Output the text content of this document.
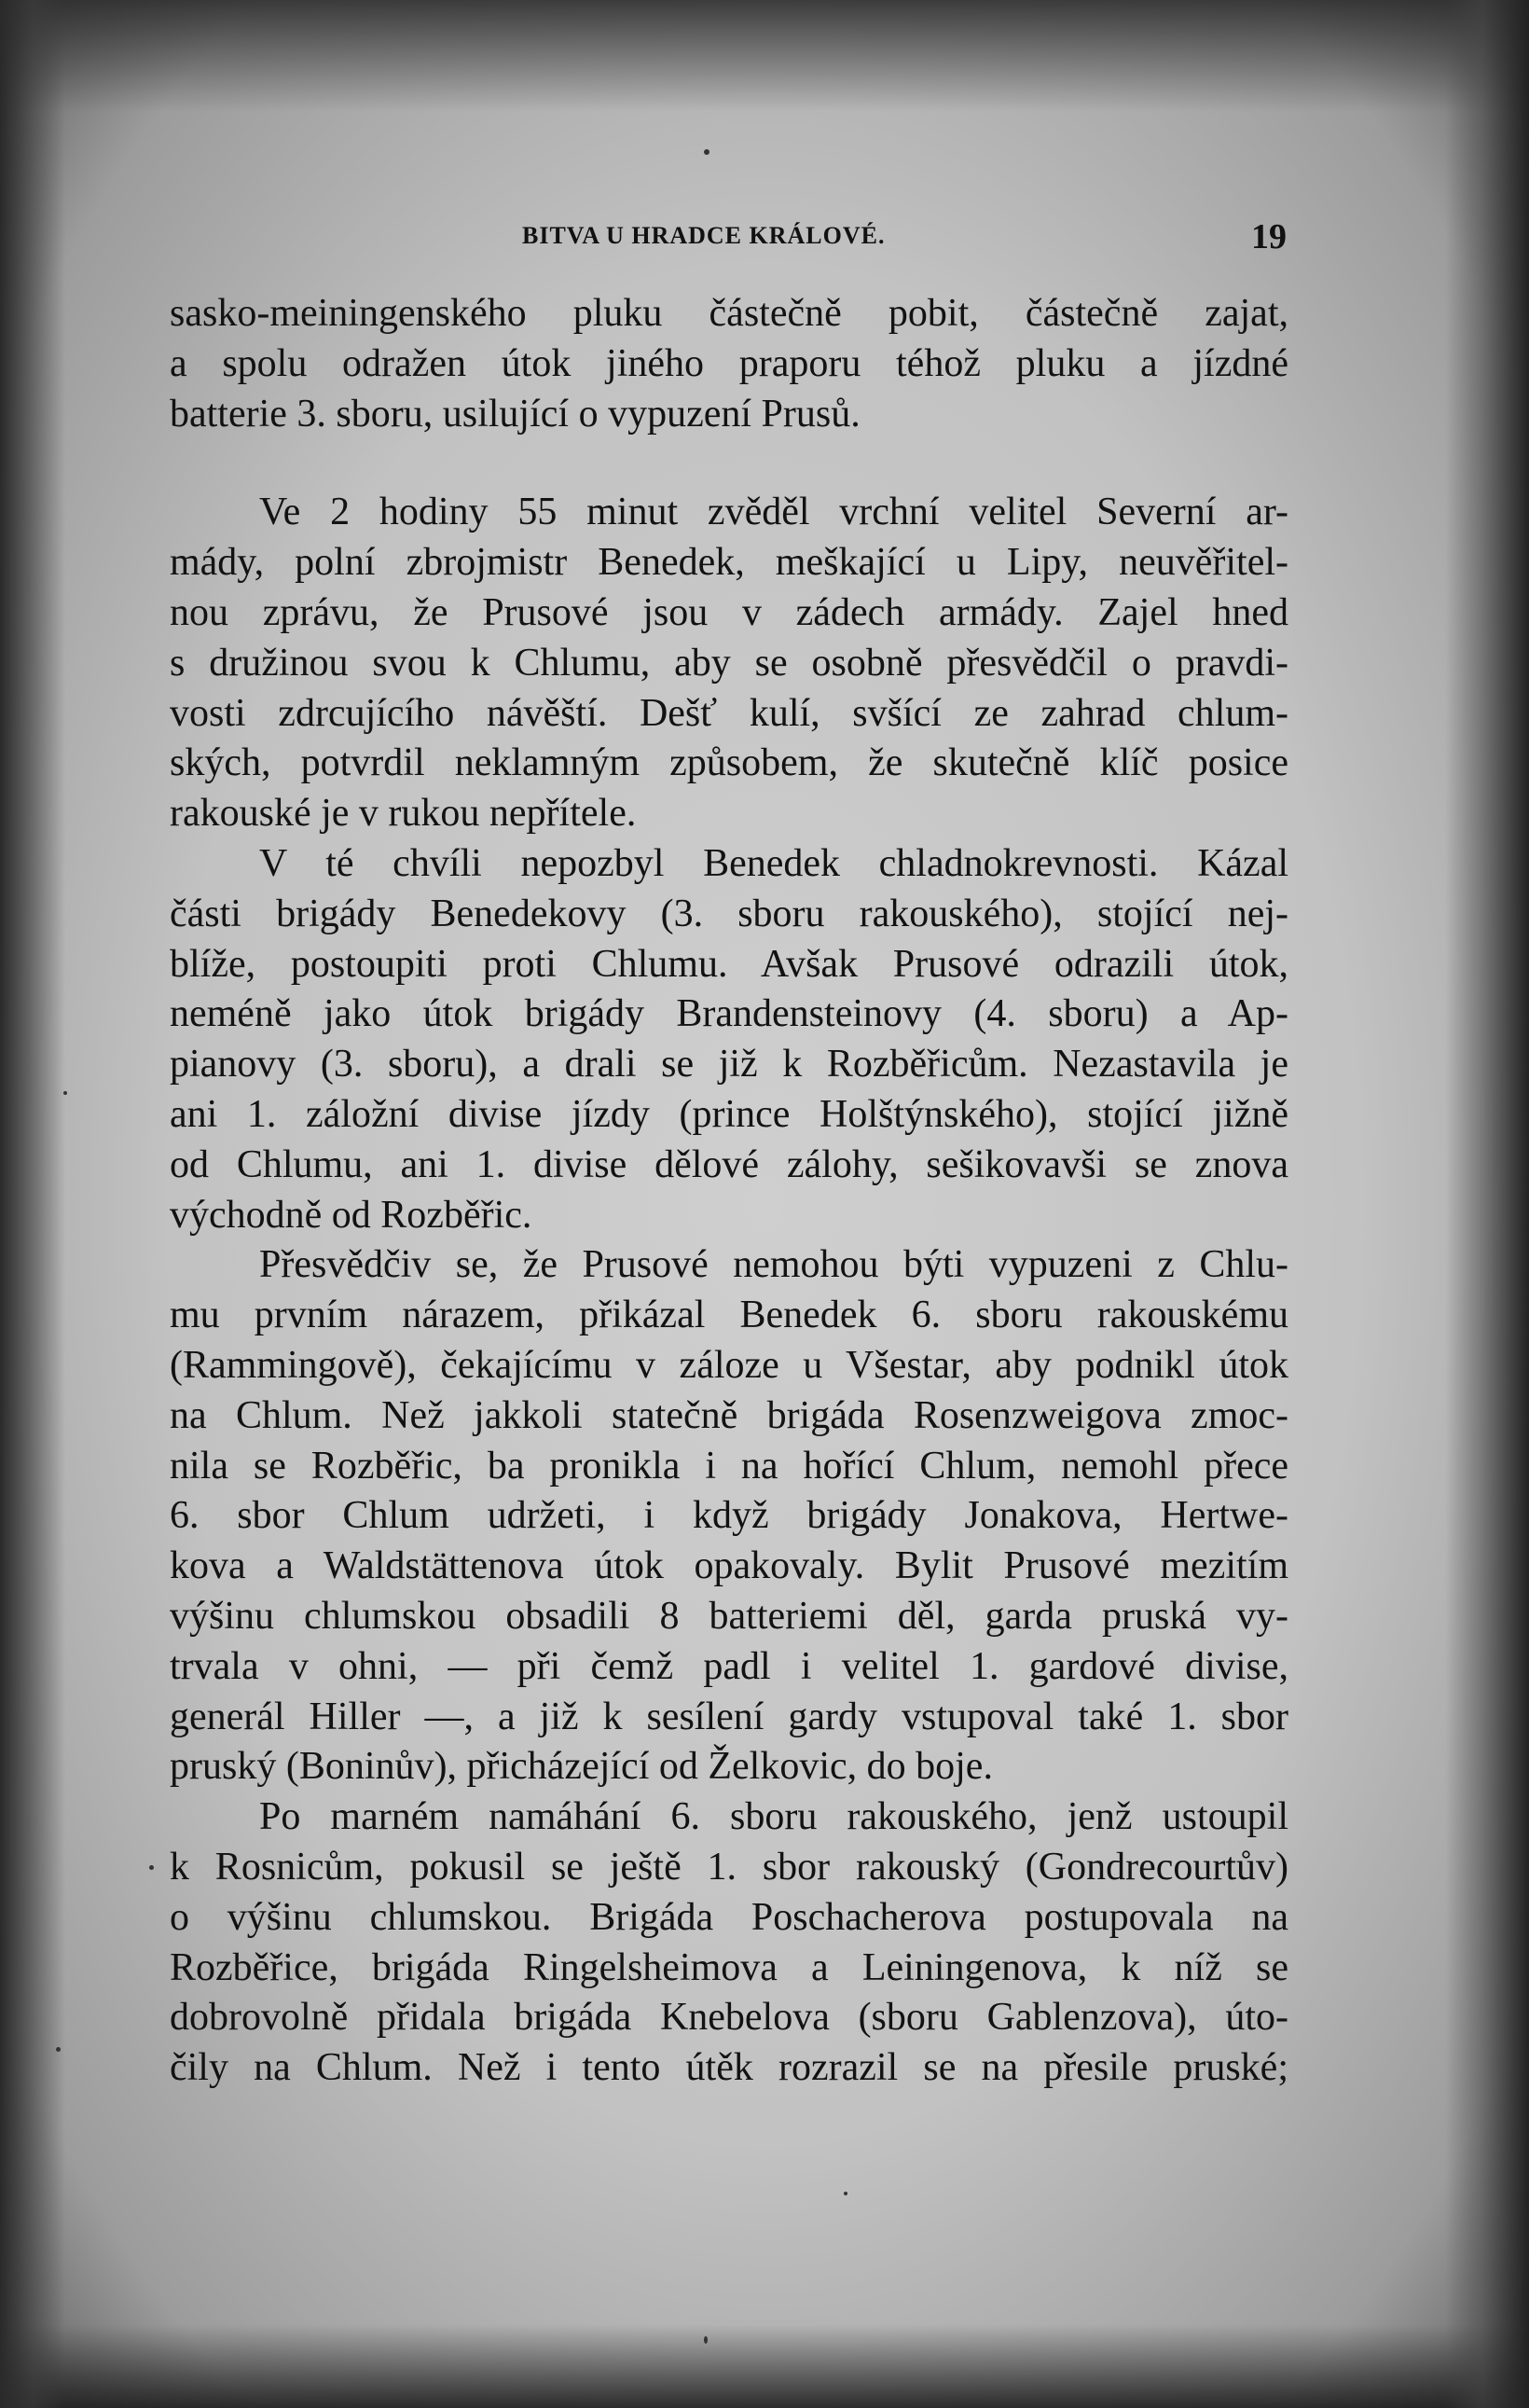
BITVA U HRADCE KRÁLOVÉ.	19
sasko-meiningenského pluku částečně pobit, částečně zajat,
a spolu odražen útok jiného praporu téhož pluku a jízdné
batterie 3. sboru, usilující o vypuzení Prusů.
Ve 2 hodiny 55 minut zvěděl vrchní velitel Severní ar-
mády, polní zbrojmistr Benedek, meškající u Lipy, neuvěřitel-
nou zprávu, že Prusové jsou v zádech armády. Zajel hned
s družinou svou k Chlumu, aby se osobně přesvědčil o pravdi-
vosti zdrcujícího návěští. Dešť kulí, svšící ze zahrad chlum-
ských, potvrdil neklamným způsobem, že skutečně klíč posice
rakouské je v rukou nepřítele.
V té chvíli nepozbyl Benedek chladnokrevnosti. Kázal
části brigády Benedekovy (3. sboru rakouského), stojící nej-
blíže, postoupiti proti Chlumu. Avšak Prusové odrazili útok,
neméně jako útok brigády Brandensteinovy (4. sboru) a Ap-
pianovy (3. sboru), a drali se již k Rozběřicům. Nezastavila je
ani 1. záložní divise jízdy (prince Holštýnského), stojící jižně
od Chlumu, ani 1. divise dělové zálohy, sešikovavši se znova
východně od Rozběřic.
Přesvědčiv se, že Prusové nemohou býti vypuzeni z Chlu-
mu prvním nárazem, přikázal Benedek 6. sboru rakouskému
(Rammingově), čekajícímu v záloze u Všestar, aby podnikl útok
na Chlum. Než jakkoli statečně brigáda Rosenzweigova zmoc-
nila se Rozběřic, ba pronikla i na hořící Chlum, nemohl přece
6. sbor Chlum udržeti, i když brigády Jonakova, Hertwe-
kova a Waldstättenova útok opakovaly. Bylit Prusové mezitím
výšinu chlumskou obsadili 8 batteriemi děl, garda pruská vy-
trvala v ohni, — při čemž padl i velitel 1. gardové divise,
generál Hiller —, a již k sesílení gardy vstupoval také 1. sbor
pruský (Boninův), přicházející od Želkovic, do boje.
Po marném namáhání 6. sboru rakouského, jenž ustoupil
k Rosnicům, pokusil se ještě 1. sbor rakouský (Gondrecourtův)
o výšinu chlumskou. Brigáda Poschacherova postupovala na
Rozběřice, brigáda Ringelsheimova a Leiningenova, k níž se
dobrovolně přidala brigáda Knebelova (sboru Gablenzova), úto-
čily na Chlum. Než i tento útěk rozrazil se na přesile pruské;
